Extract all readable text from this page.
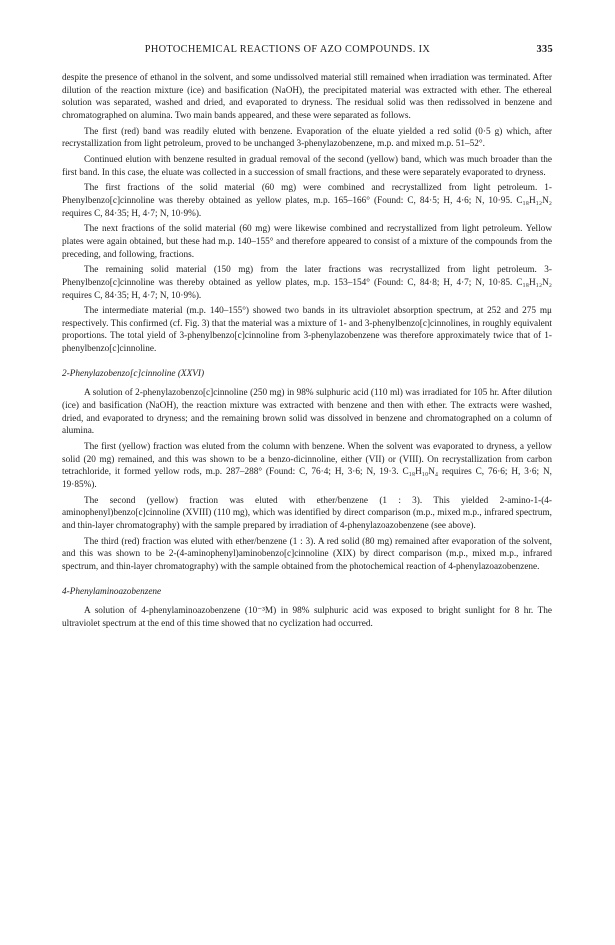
PHOTOCHEMICAL REACTIONS OF AZO COMPOUNDS. IX	335

despite the presence of ethanol in the solvent, and some undissolved material still remained when irradiation was terminated. After dilution of the reaction mixture (ice) and basification (NaOH), the precipitated material was extracted with ether. The ethereal solution was separated, washed and dried, and evaporated to dryness. The residual solid was then redissolved in benzene and chromatographed on alumina. Two main bands appeared, and these were separated as follows.

The first (red) band was readily eluted with benzene. Evaporation of the eluate yielded a red solid (0·5 g) which, after recrystallization from light petroleum, proved to be unchanged 3-phenylazobenzene, m.p. and mixed m.p. 51–52°.

Continued elution with benzene resulted in gradual removal of the second (yellow) band, which was much broader than the first band. In this case, the eluate was collected in a succession of small fractions, and these were separately evaporated to dryness.

The first fractions of the solid material (60 mg) were combined and recrystallized from light petroleum. 1-Phenylbenzo[c]cinnoline was thereby obtained as yellow plates, m.p. 165–166° (Found: C, 84·5; H, 4·6; N, 10·95. C₁₈H₁₂N₂ requires C, 84·35; H, 4·7; N, 10·9%).

The next fractions of the solid material (60 mg) were likewise combined and recrystallized from light petroleum. Yellow plates were again obtained, but these had m.p. 140–155° and therefore appeared to consist of a mixture of the compounds from the preceding, and following, fractions.

The remaining solid material (150 mg) from the later fractions was recrystallized from light petroleum. 3-Phenylbenzo[c]cinnoline was thereby obtained as yellow plates, m.p. 153–154° (Found: C, 84·8; H, 4·7; N, 10·85. C₁₈H₁₂N₂ requires C, 84·35; H, 4·7; N, 10·9%).

The intermediate material (m.p. 140–155°) showed two bands in its ultraviolet absorption spectrum, at 252 and 275 mμ respectively. This confirmed (cf. Fig. 3) that the material was a mixture of 1- and 3-phenylbenzo[c]cinnolines, in roughly equivalent proportions. The total yield of 3-phenylbenzo[c]cinnoline from 3-phenylazobenzene was therefore approximately twice that of 1-phenylbenzo[c]cinnoline.

2-Phenylazobenzo[c]cinnoline (XXVI)

A solution of 2-phenylazobenzo[c]cinnoline (250 mg) in 98% sulphuric acid (110 ml) was irradiated for 105 hr. After dilution (ice) and basification (NaOH), the reaction mixture was extracted with benzene and then with ether. The extracts were washed, dried, and evaporated to dryness; and the remaining brown solid was dissolved in benzene and chromatographed on a column of alumina.

The first (yellow) fraction was eluted from the column with benzene. When the solvent was evaporated to dryness, a yellow solid (20 mg) remained, and this was shown to be a benzo-dicinnoline, either (VII) or (VIII). On recrystallization from carbon tetrachloride, it formed yellow rods, m.p. 287–288° (Found: C, 76·4; H, 3·6; N, 19·3. C₁₈H₁₀N₄ requires C, 76·6; H, 3·6; N, 19·85%).

The second (yellow) fraction was eluted with ether/benzene (1 : 3). This yielded 2-amino-1-(4-aminophenyl)benzo[c]cinnoline (XVIII) (110 mg), which was identified by direct comparison (m.p., mixed m.p., infrared spectrum, and thin-layer chromatography) with the sample prepared by irradiation of 4-phenylazoazobenzene (see above).

The third (red) fraction was eluted with ether/benzene (1 : 3). A red solid (80 mg) remained after evaporation of the solvent, and this was shown to be 2-(4-aminophenyl)aminobenzo[c]cinnoline (XIX) by direct comparison (m.p., mixed m.p., infrared spectrum, and thin-layer chromatography) with the sample obtained from the photochemical reaction of 4-phenylazoazobenzene.

4-Phenylaminoazobenzene

A solution of 4-phenylaminoazobenzene (10⁻³M) in 98% sulphuric acid was exposed to bright sunlight for 8 hr. The ultraviolet spectrum at the end of this time showed that no cyclization had occurred.
